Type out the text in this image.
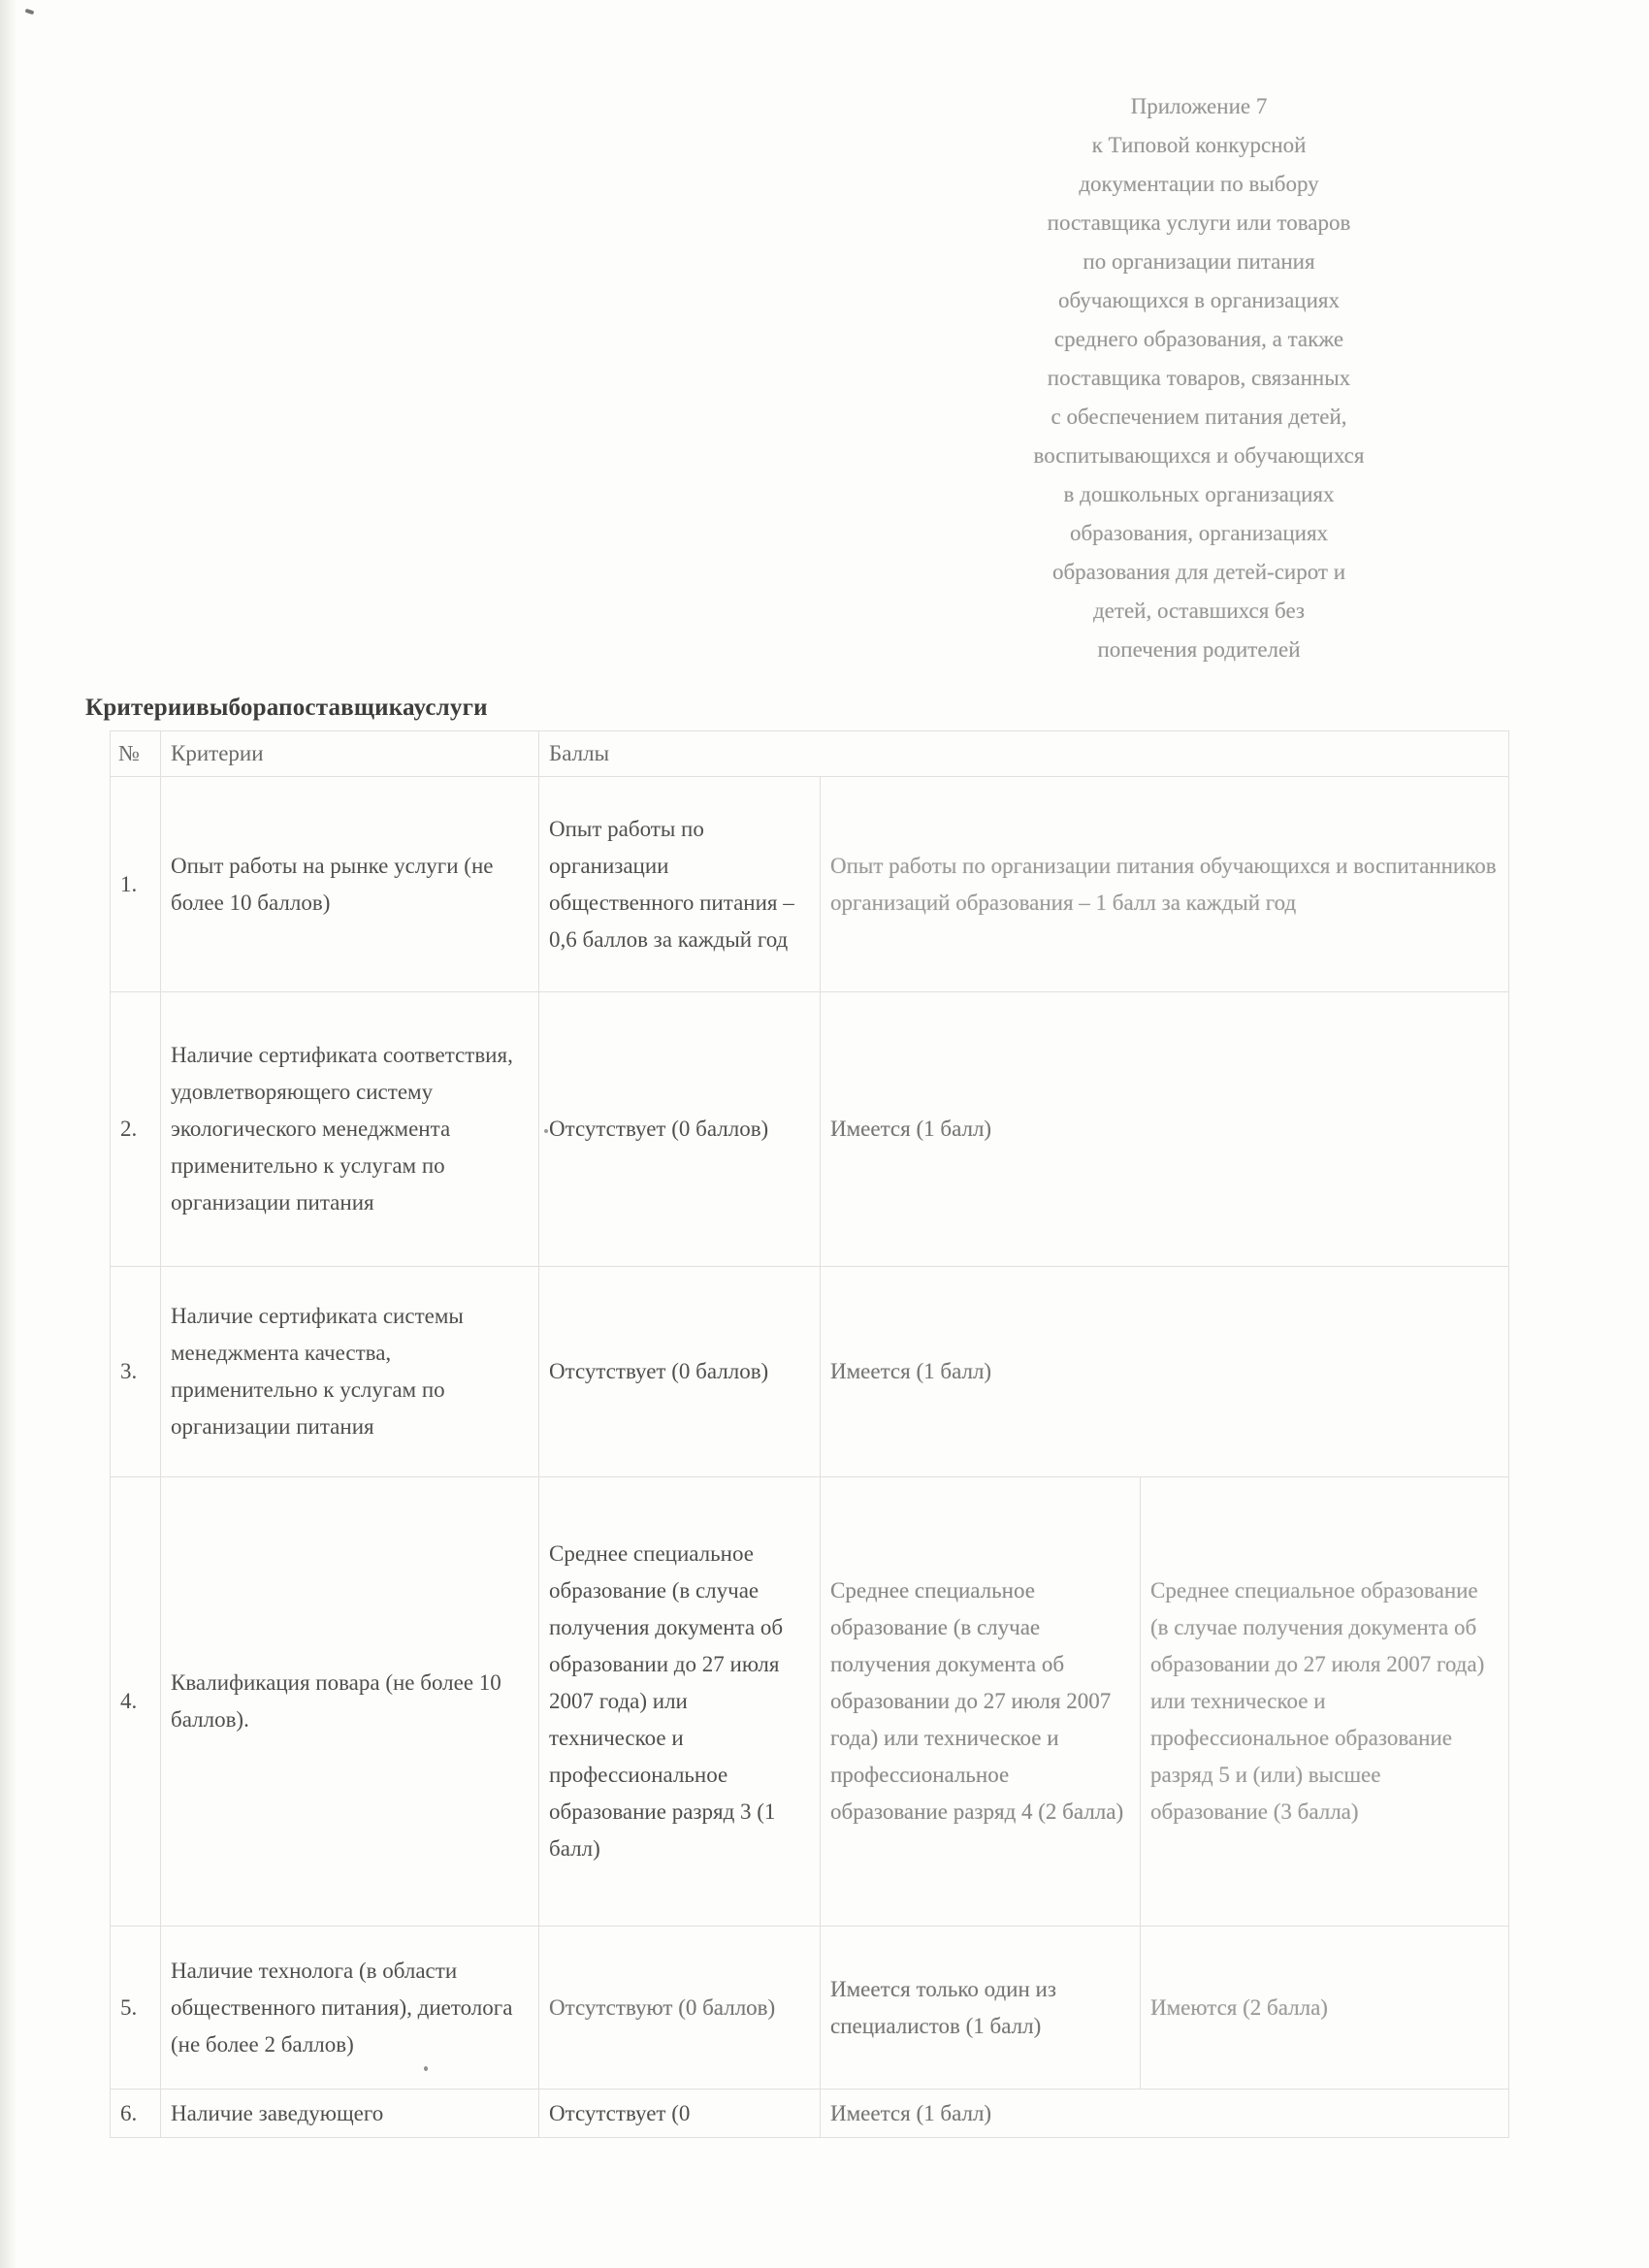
Приложение 7
к Типовой конкурсной
документации по выбору
поставщика услуги или товаров
по организации питания
обучающихся в организациях
среднего образования, а также
поставщика товаров, связанных
с обеспечением питания детей,
воспитывающихся и обучающихся
в дошкольных организациях
образования, организациях
образования для детей-сирот и
детей, оставшихся без
попечения родителей
Критериивыборапоставщикауслуги
№	Критерии	Баллы		
1.	Опыт работы на рынке услуги (не более 10 баллов)	Опыт работы по организации общественного питания – 0,6 баллов за каждый год	Опыт работы по организации питания обучающихся и воспитанников организаций образования – 1 балл за каждый год	
2.	Наличие сертификата соответствия, удовлетворяющего систему экологического менеджмента применительно к услугам по организации питания	Отсутствует (0 баллов)	Имеется (1 балл)	
3.	Наличие сертификата системы менеджмента качества, применительно к услугам по организации питания	Отсутствует (0 баллов)	Имеется (1 балл)	
4.	Квалификация повара (не более 10 баллов).	Среднее специальное образование (в случае получения документа об образовании до 27 июля 2007 года) или техническое и профессиональное образование разряд 3 (1 балл)	Среднее специальное образование (в случае получения документа об образовании до 27 июля 2007 года) или техническое и профессиональное образование разряд 4 (2 балла)	Среднее специальное образование (в случае получения документа об образовании до 27 июля 2007 года) или техническое и профессиональное образование разряд 5 и (или) высшее образование (3 балла)
5.	Наличие технолога (в области общественного питания), диетолога (не более 2 баллов)	Отсутствуют (0 баллов)	Имеется только один из специалистов (1 балл)	Имеются (2 балла)
6.	Наличие заведующего	Отсутствует (0	Имеется (1 балл)	
